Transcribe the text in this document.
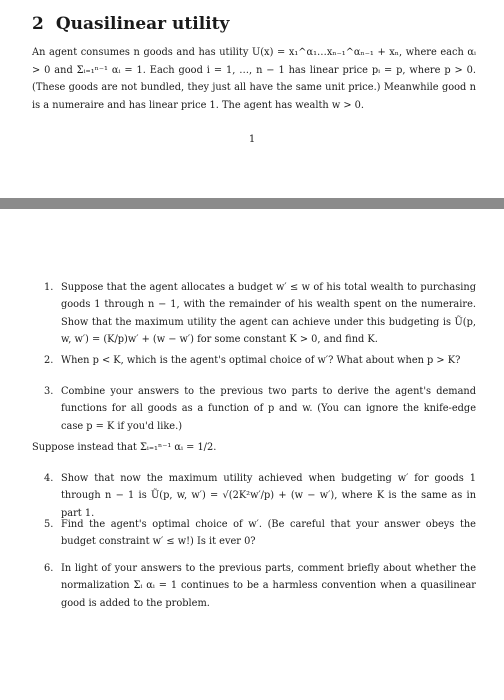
2 Quasilinear utility

An agent consumes n goods and has utility U(x) = x₁^α₁…xₙ₋₁^αₙ₋₁ + xₙ, where each αᵢ > 0 and Σᵢ₌₁ⁿ⁻¹ αᵢ = 1. Each good i = 1, …, n − 1 has linear price pᵢ = p, where p > 0. (These goods are not bundled, they just all have the same unit price.) Meanwhile good n is a numeraire and has linear price 1. The agent has wealth w > 0.

1
1. Suppose that the agent allocates a budget w′ ≤ w of his total wealth to purchasing goods 1 through n − 1, with the remainder of his wealth spent on the numeraire. Show that the maximum utility the agent can achieve under this budgeting is Ũ(p, w, w′) = (K/p)w′ + (w − w′) for some constant K > 0, and find K.
2. When p < K, which is the agent's optimal choice of w′? What about when p > K?
3. Combine your answers to the previous two parts to derive the agent's demand functions for all goods as a function of p and w. (You can ignore the knife-edge case p = K if you'd like.)

Suppose instead that Σᵢ₌₁ⁿ⁻¹ αᵢ = 1/2.

4. Show that now the maximum utility achieved when budgeting w′ for goods 1 through n − 1 is Ũ(p, w, w′) = √(2K²w′/p) + (w − w′), where K is the same as in part 1.
5. Find the agent's optimal choice of w′. (Be careful that your answer obeys the budget constraint w′ ≤ w!) Is it ever 0?
6. In light of your answers to the previous parts, comment briefly about whether the normalization Σᵢ αᵢ = 1 continues to be a harmless convention when a quasilinear good is added to the problem.
